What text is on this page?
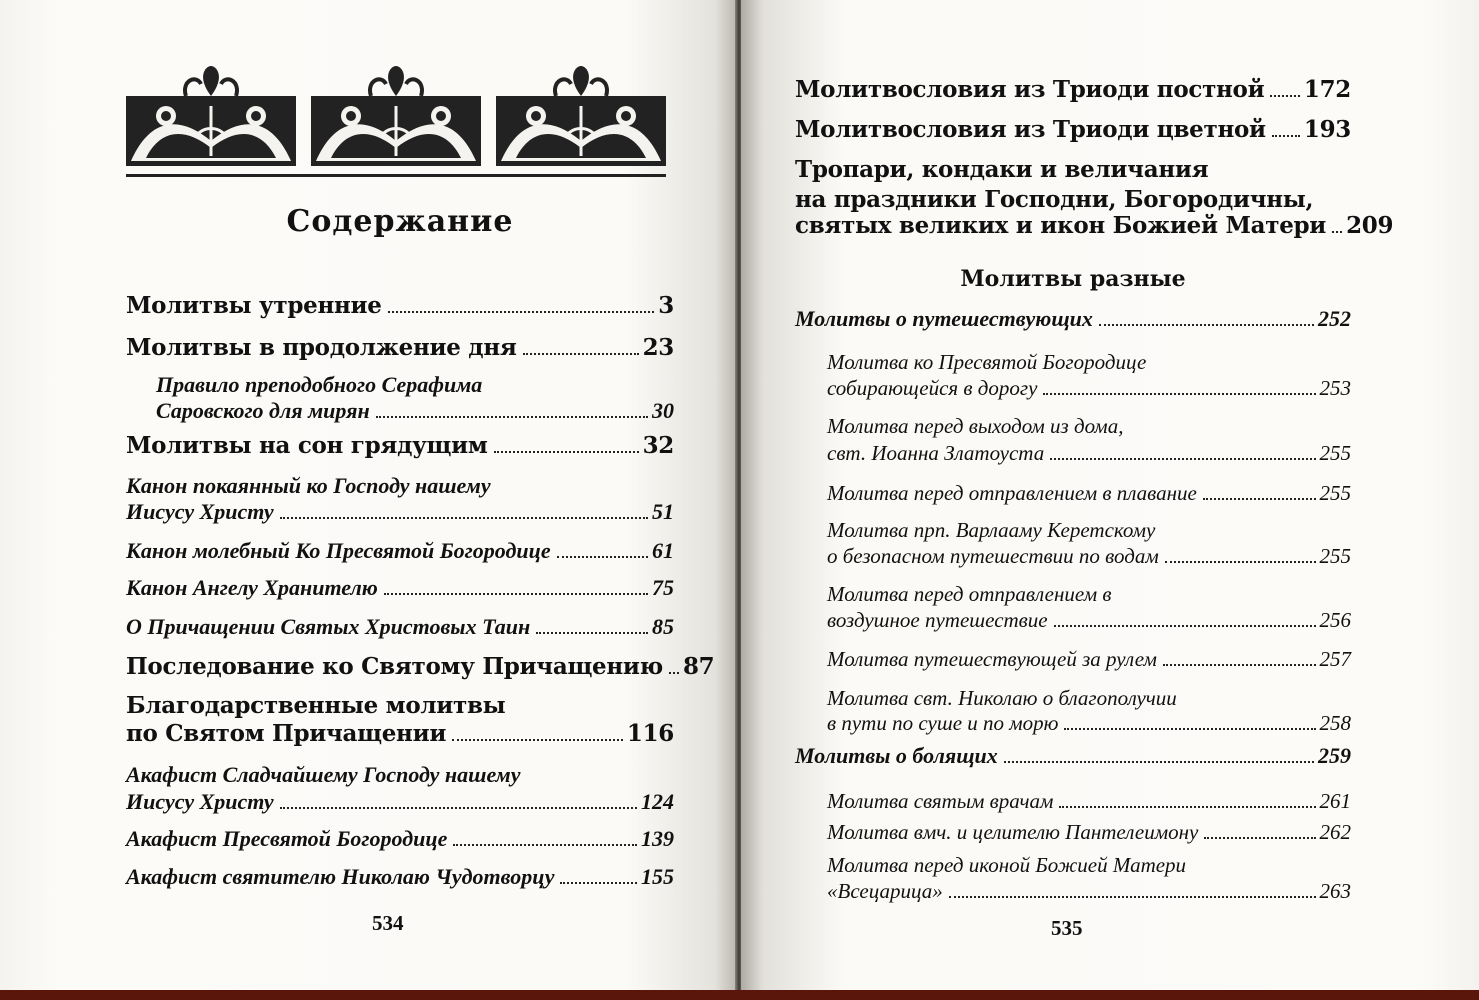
Содержание
Молитвы утренние	3
Молитвы в продолжение дня	23
Правило преподобного Серафима
Саровского для мирян	30
Молитвы на сон грядущим	32
Канон покаянный ко Господу нашему
Иисусу Христу	51
Канон молебный Ко Пресвятой Богородице	61
Канон Ангелу Хранителю	75
О Причащении Святых Христовых Таин	85
Последование ко Святому Причащению 87
Благодарственные молитвы
по Святом Причащении	116
Акафист Сладчайшему Господу нашему
Иисусу Христу	124
Акафист Пресвятой Богородице	139
Акафист святителю Николаю Чудотворцу	155
534
Молитвословия из Триоди постной 172
Молитвословия из Триоди цветной 193
Тропари, кондаки и величания
на праздники Господни, Богородичны,
святых великих и икон Божией Матери 209
Молитвы разные
Молитвы о путешествующих	252
Молитва ко Пресвятой Богородице
собирающейся в дорогу	253
Молитва перед выходом из дома,
свт. Иоанна Златоуста	255
Молитва перед отправлением в плавание	255
Молитва прп. Варлааму Керетскому
о безопасном путешествии по водам	255
Молитва перед отправлением в
воздушное путешествие	256
Молитва путешествующей за рулем	257
Молитва свт. Николаю о благополучии
в пути по суше и по морю	258
Молитвы о болящих	259
Молитва святым врачам	261
Молитва вмч. и целителю Пантелеимону	262
Молитва перед иконой Божией Матери
«Всецарица»	263
535
